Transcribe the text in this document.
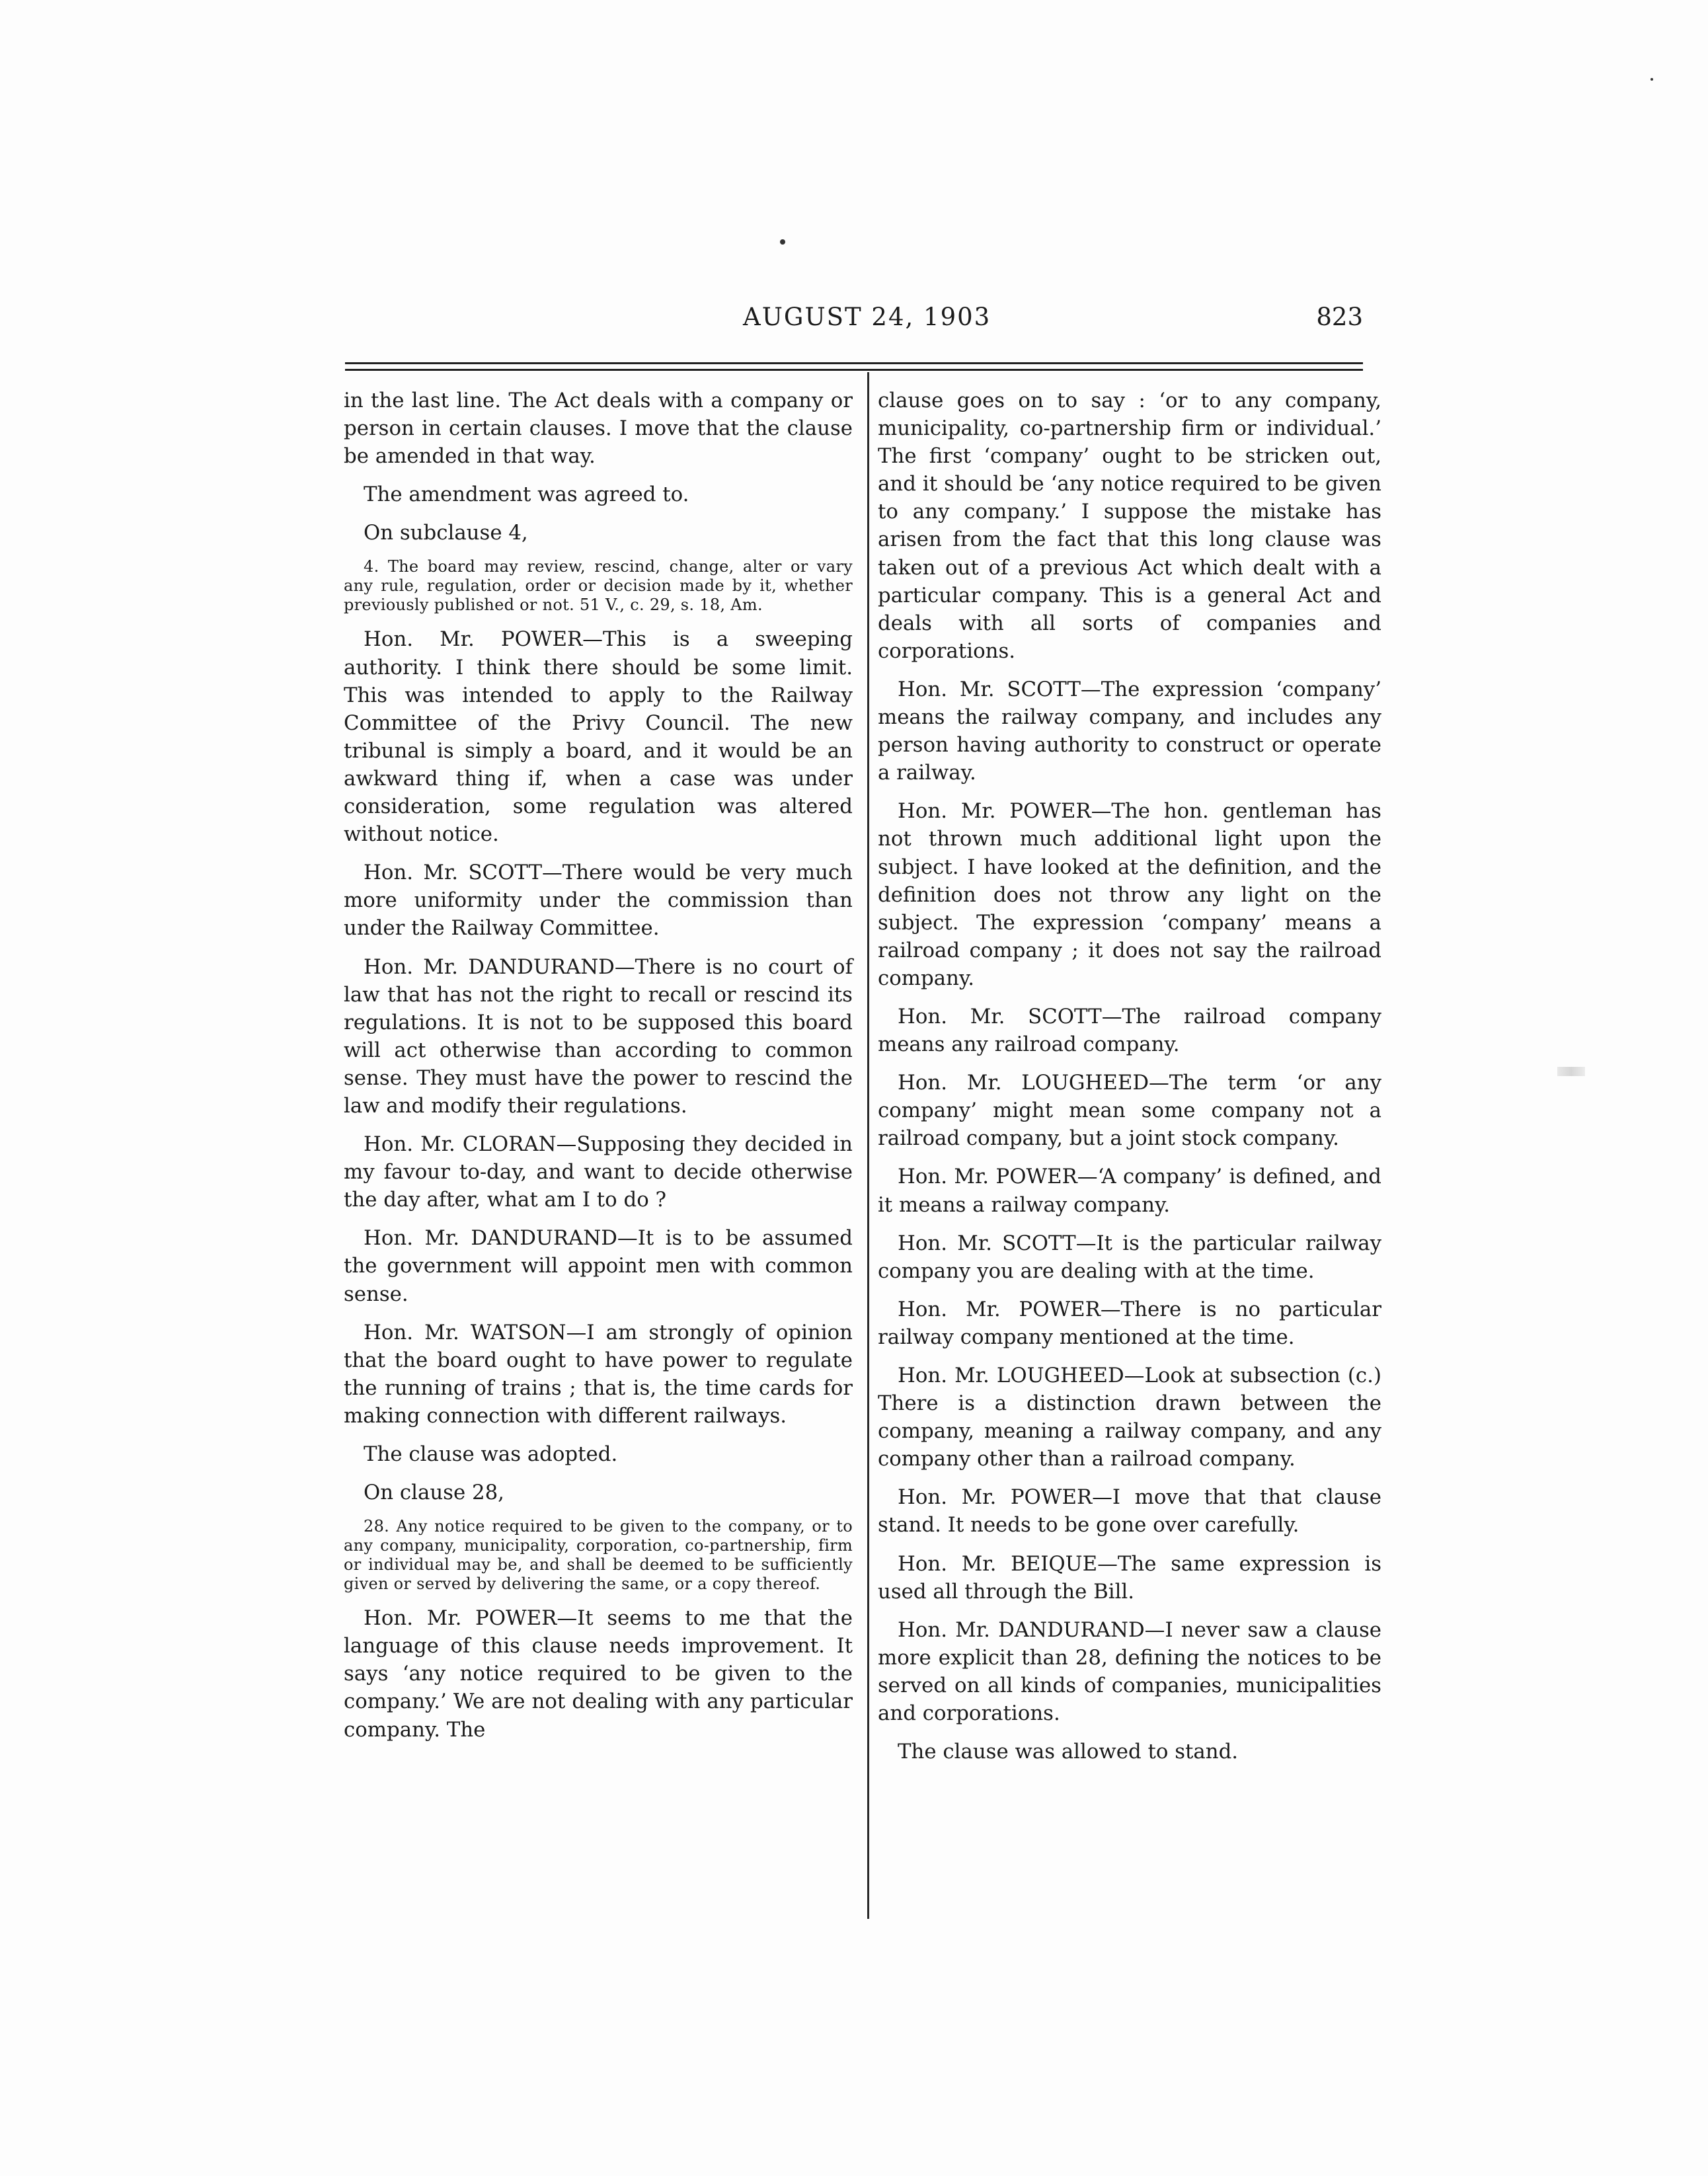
AUGUST 24, 1903	823

in the last line. The Act deals with a company or person in certain clauses. I move that the clause be amended in that way.

The amendment was agreed to.

On subclause 4,

4. The board may review, rescind, change, alter or vary any rule, regulation, order or decision made by it, whether previously published or not. 51 V., c. 29, s. 18, Am.

Hon. Mr. POWER—This is a sweeping authority. I think there should be some limit. This was intended to apply to the Railway Committee of the Privy Council. The new tribunal is simply a board, and it would be an awkward thing if, when a case was under consideration, some regulation was altered without notice.

Hon. Mr. SCOTT—There would be very much more uniformity under the commission than under the Railway Committee.

Hon. Mr. DANDURAND—There is no court of law that has not the right to recall or rescind its regulations. It is not to be supposed this board will act otherwise than according to common sense. They must have the power to rescind the law and modify their regulations.

Hon. Mr. CLORAN—Supposing they decided in my favour to-day, and want to decide otherwise the day after, what am I to do ?

Hon. Mr. DANDURAND—It is to be assumed the government will appoint men with common sense.

Hon. Mr. WATSON—I am strongly of opinion that the board ought to have power to regulate the running of trains ; that is, the time cards for making connection with different railways.

The clause was adopted.

On clause 28,

28. Any notice required to be given to the company, or to any company, municipality, corporation, co-partnership, firm or individual may be, and shall be deemed to be sufficiently given or served by delivering the same, or a copy thereof.

Hon. Mr. POWER—It seems to me that the language of this clause needs improvement. It says ‘any notice required to be given to the company.’ We are not dealing with any particular company. The

clause goes on to say : ‘or to any company, municipality, co-partnership firm or individual.’ The first ‘company’ ought to be stricken out, and it should be ‘any notice required to be given to any company.’ I suppose the mistake has arisen from the fact that this long clause was taken out of a previous Act which dealt with a particular company. This is a general Act and deals with all sorts of companies and corporations.

Hon. Mr. SCOTT—The expression ‘company’ means the railway company, and includes any person having authority to construct or operate a railway.

Hon. Mr. POWER—The hon. gentleman has not thrown much additional light upon the subject. I have looked at the definition, and the definition does not throw any light on the subject. The expression ‘company’ means a railroad company ; it does not say the railroad company.

Hon. Mr. SCOTT—The railroad company means any railroad company.

Hon. Mr. LOUGHEED—The term ‘or any company’ might mean some company not a railroad company, but a joint stock company.

Hon. Mr. POWER—‘A company’ is defined, and it means a railway company.

Hon. Mr. SCOTT—It is the particular railway company you are dealing with at the time.

Hon. Mr. POWER—There is no particular railway company mentioned at the time.

Hon. Mr. LOUGHEED—Look at subsection (c.) There is a distinction drawn between the company, meaning a railway company, and any company other than a railroad company.

Hon. Mr. POWER—I move that that clause stand. It needs to be gone over carefully.

Hon. Mr. BEIQUE—The same expression is used all through the Bill.

Hon. Mr. DANDURAND—I never saw a clause more explicit than 28, defining the notices to be served on all kinds of companies, municipalities and corporations.

The clause was allowed to stand.
